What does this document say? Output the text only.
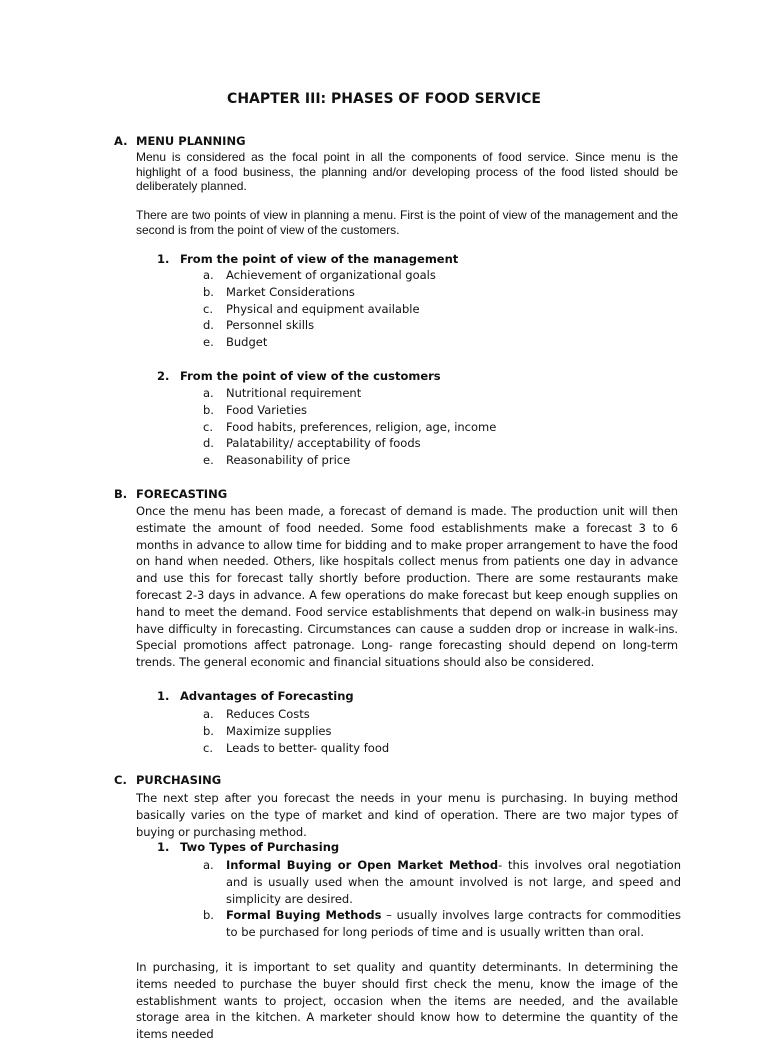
CHAPTER III: PHASES OF FOOD SERVICE
A. MENU PLANNING
Menu is considered as the focal point in all the components of food service. Since menu is the highlight of a food business, the planning and/or developing process of the food listed should be deliberately planned.
There are two points of view in planning a menu. First is the point of view of the management and the second is from the point of view of the customers.
1. From the point of view of the management
a. Achievement of organizational goals
b. Market Considerations
c. Physical and equipment available
d. Personnel skills
e. Budget
2. From the point of view of the customers
a. Nutritional requirement
b. Food Varieties
c. Food habits, preferences, religion, age, income
d. Palatability/ acceptability of foods
e. Reasonability of price
B. FORECASTING
Once the menu has been made, a forecast of demand is made. The production unit will then estimate the amount of food needed. Some food establishments make a forecast 3 to 6 months in advance to allow time for bidding and to make proper arrangement to have the food on hand when needed. Others, like hospitals collect menus from patients one day in advance and use this for forecast tally shortly before production. There are some restaurants make forecast 2-3 days in advance. A few operations do make forecast but keep enough supplies on hand to meet the demand. Food service establishments that depend on walk-in business may have difficulty in forecasting. Circumstances can cause a sudden drop or increase in walk-ins. Special promotions affect patronage. Long- range forecasting should depend on long-term trends. The general economic and financial situations should also be considered.
1. Advantages of Forecasting
a. Reduces Costs
b. Maximize supplies
c. Leads to better- quality food
C. PURCHASING
The next step after you forecast the needs in your menu is purchasing. In buying method basically varies on the type of market and kind of operation. There are two major types of buying or purchasing method.
1. Two Types of Purchasing
a. Informal Buying or Open Market Method- this involves oral negotiation and is usually used when the amount involved is not large, and speed and simplicity are desired.
b. Formal Buying Methods – usually involves large contracts for commodities to be purchased for long periods of time and is usually written than oral.
In purchasing, it is important to set quality and quantity determinants. In determining the items needed to purchase the buyer should first check the menu, know the image of the establishment wants to project, occasion when the items are needed, and the available storage area in the kitchen. A marketer should know how to determine the quantity of the items needed
